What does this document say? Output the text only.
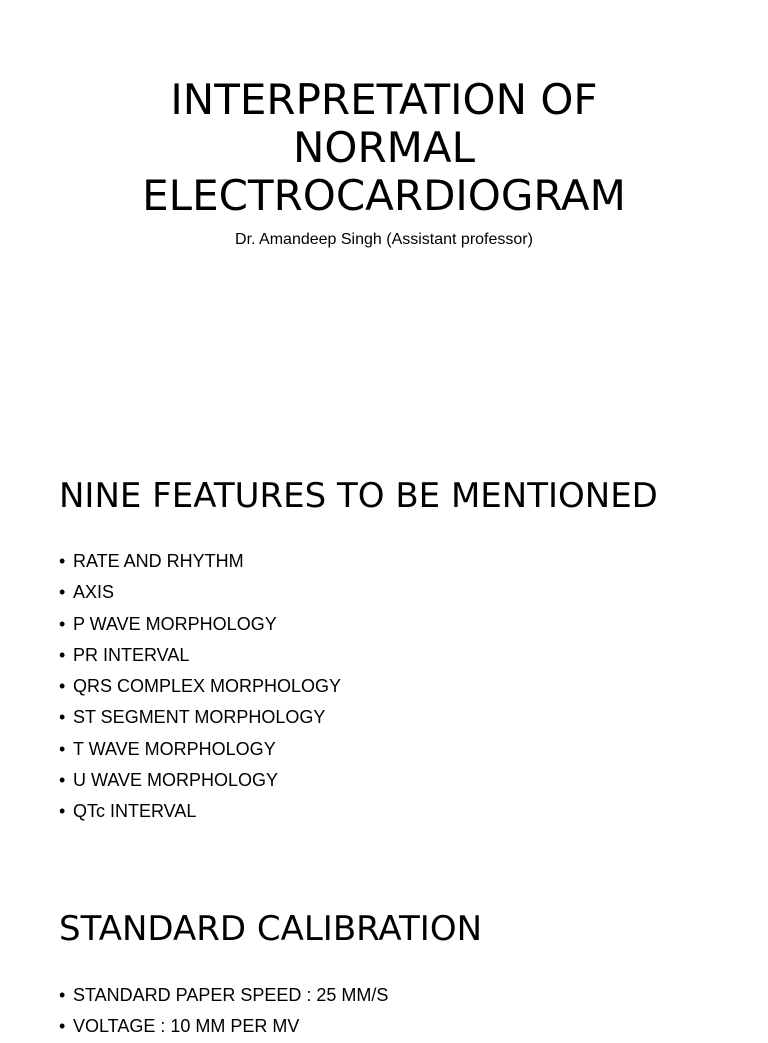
INTERPRETATION OF
NORMAL
ELECTROCARDIOGRAM

Dr. Amandeep Singh (Assistant professor)

NINE FEATURES TO BE MENTIONED
• RATE AND RHYTHM
• AXIS
• P WAVE MORPHOLOGY
• PR INTERVAL
• QRS COMPLEX MORPHOLOGY
• ST SEGMENT MORPHOLOGY
• T WAVE MORPHOLOGY
• U WAVE MORPHOLOGY
• QTc INTERVAL
STANDARD CALIBRATION
• STANDARD PAPER SPEED : 25 MM/S
• VOLTAGE : 10 MM PER MV
